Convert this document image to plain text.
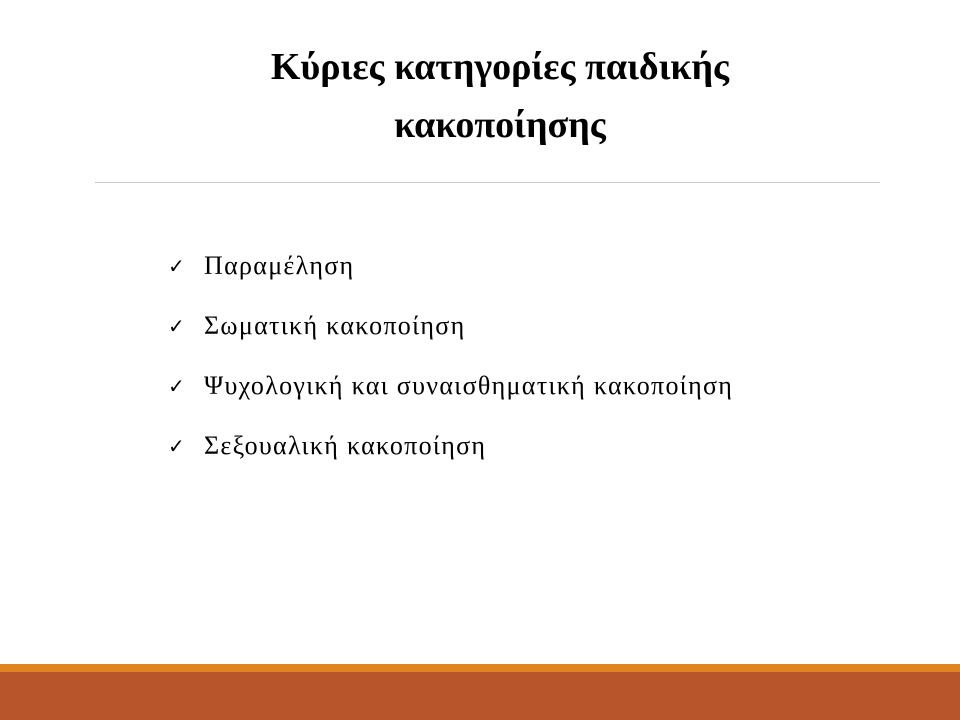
Κύριες κατηγορίες παιδικής
κακοποίησης
✓ Παραμέληση
✓ Σωματική κακοποίηση
✓ Ψυχολογική και συναισθηματική κακοποίηση
✓ Σεξουαλική κακοποίηση
